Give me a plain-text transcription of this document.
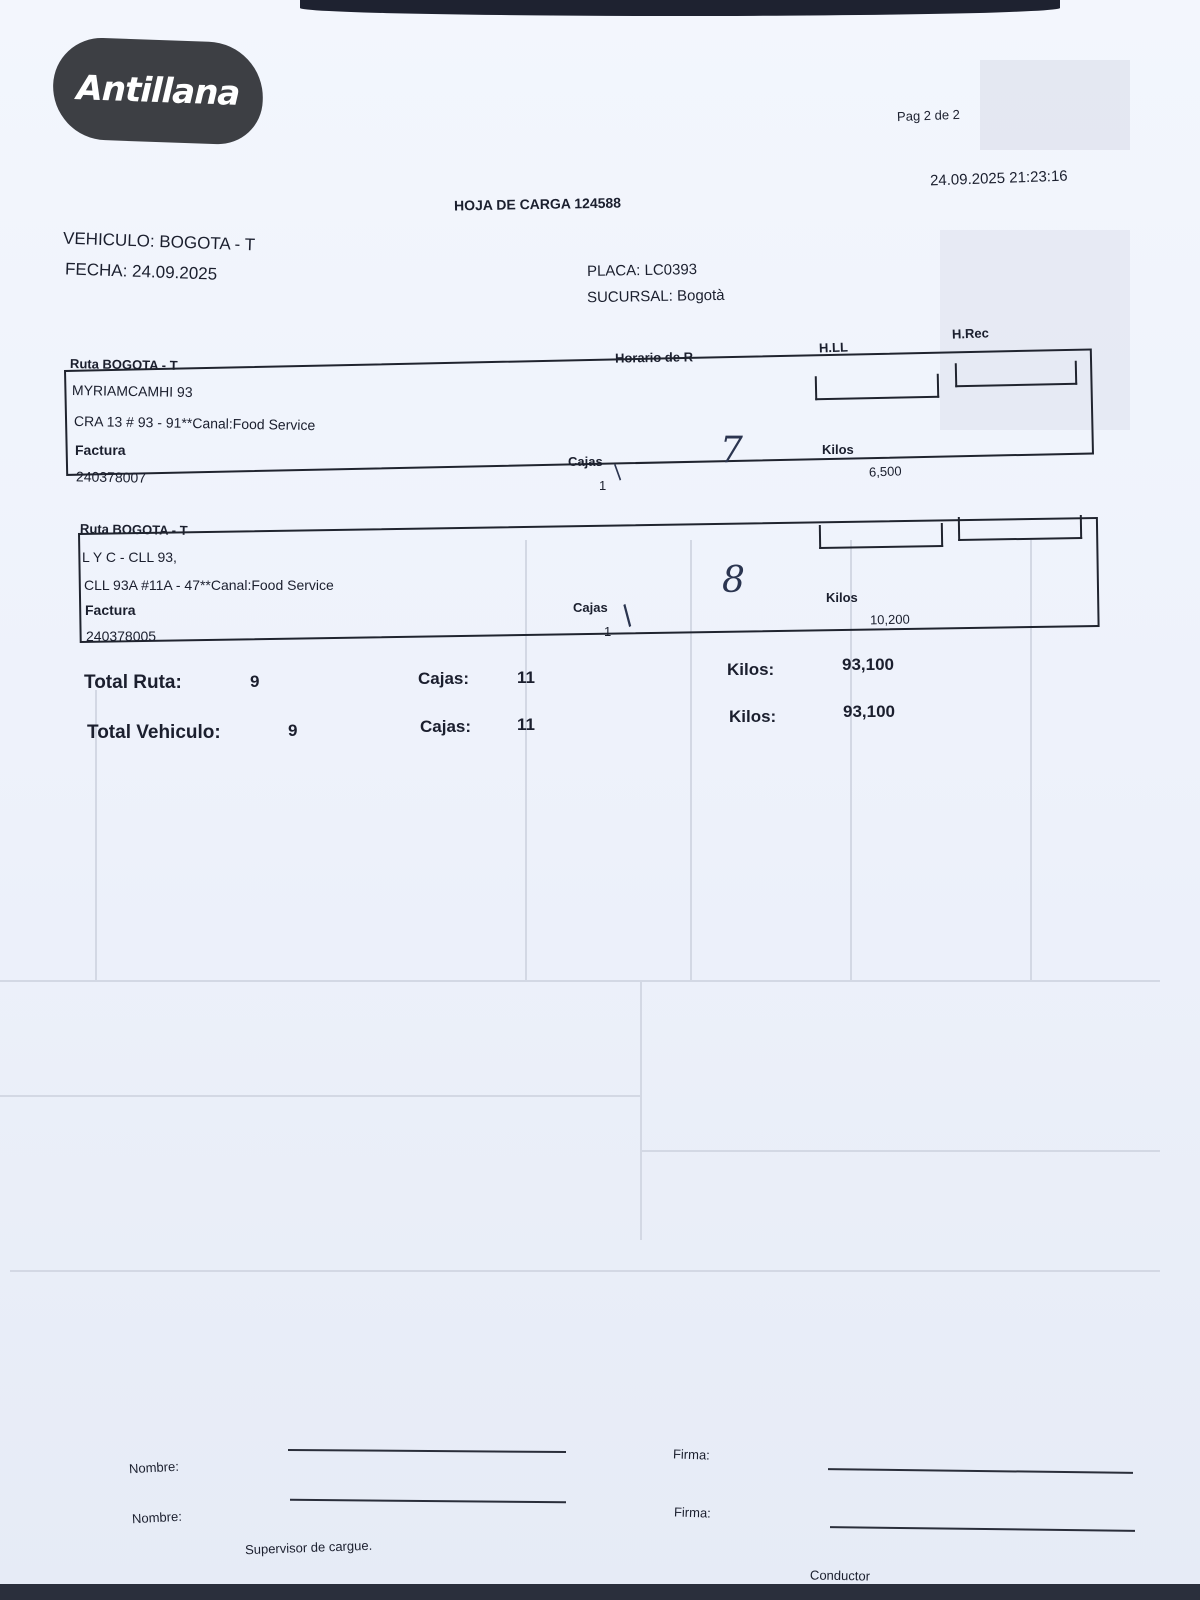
Antillana
Pag 2 de 2
24.09.2025 21:23:16
HOJA DE CARGA 124588
VEHICULO: BOGOTA - T
FECHA: 24.09.2025	PLACA: LC0393
SUCURSAL: Bogotà
Horario de R
H.LL
H.Rec
Ruta BOGOTA - T
MYRIAMCAMHI 93
CRA 13 # 93 - 91**Canal:Food Service
Factura
240378007
Cajas
1
/
7	Kilos
6,500
Ruta BOGOTA - T
L Y C - CLL 93,
CLL 93A #11A - 47**Canal:Food Service
Factura
240378005
Cajas
1 /
8	Kilos
10,200
Total Ruta:	9	Cajas:	11	Kilos:	93,100
Total Vehiculo:	9	Cajas:	11	Kilos:	93,100
Nombre:
Nombre:
Supervisor de cargue.
Firma:
Firma:
Conductor
